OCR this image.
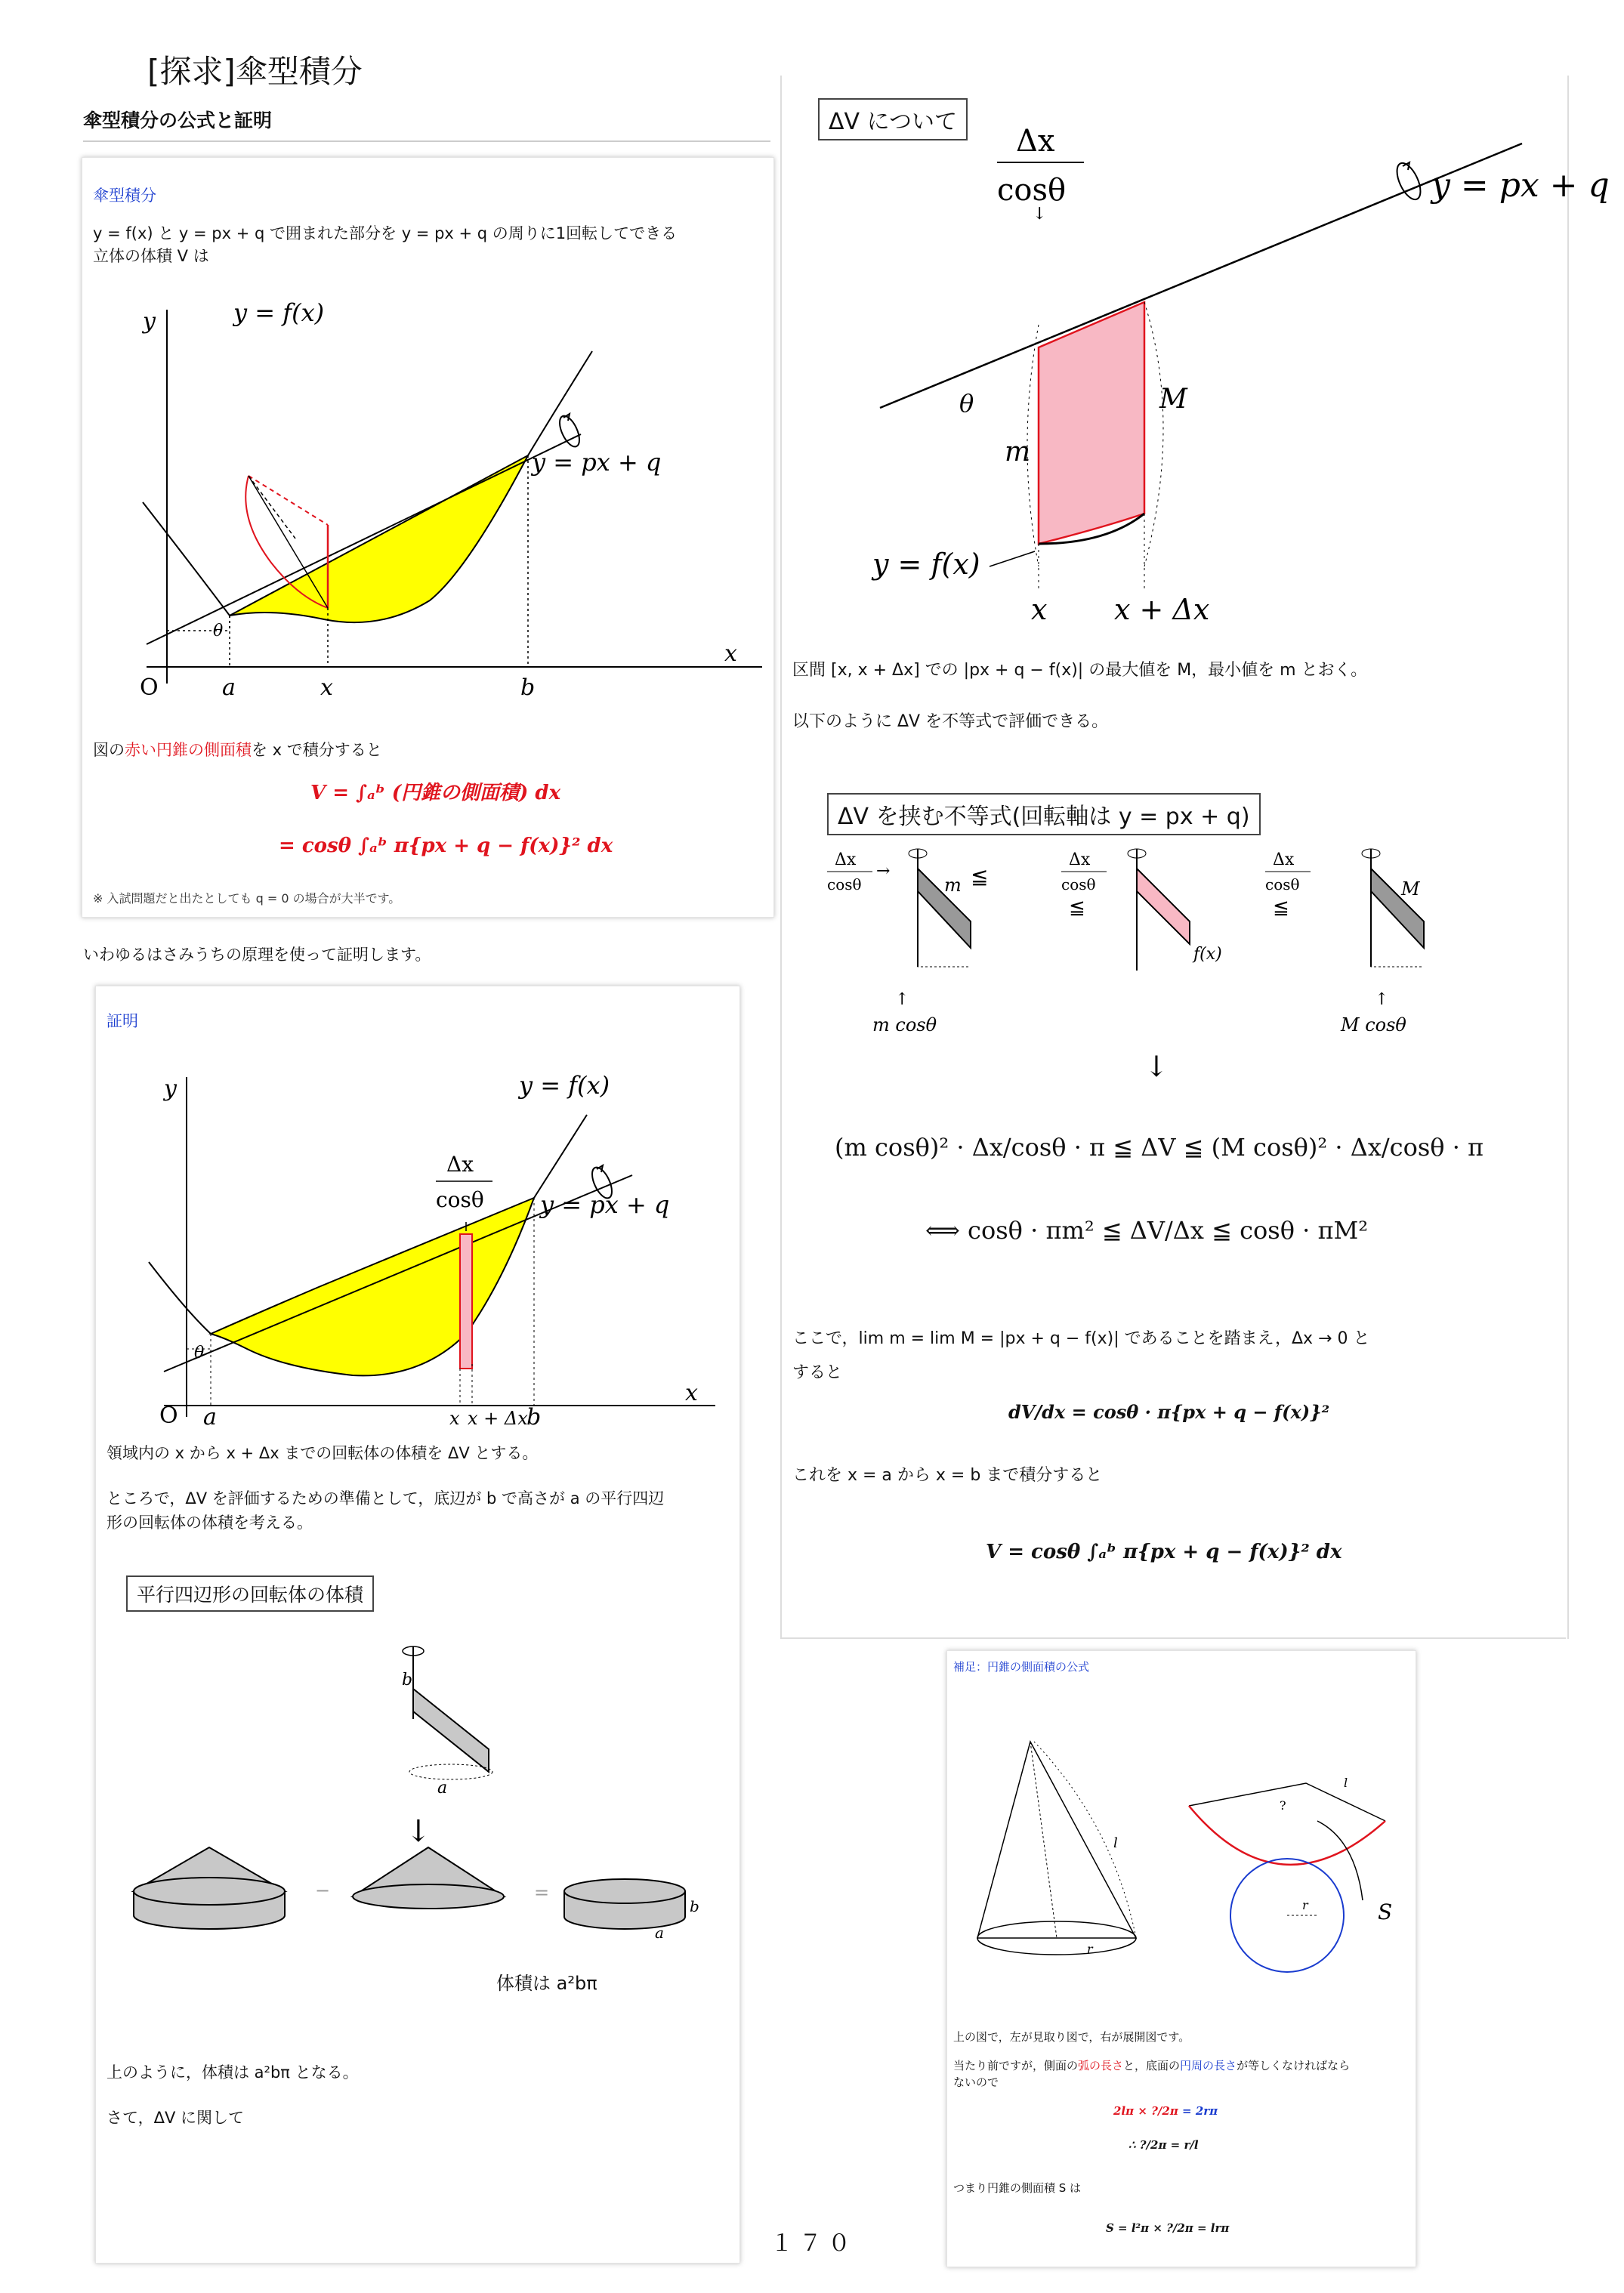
[探求]傘型積分
傘型積分の公式と証明
傘型積分
y = f(x) と y = px + q で囲まれた部分を y = px + q の周りに1回転してできる
立体の体積 V は
y
x
O
y = f(x)
y = px + q
θ
a	x	b
図の赤い円錐の側面積を x で積分すると
V = ∫ₐᵇ (円錐の側面積) dx
= cosθ ∫ₐᵇ π{px + q − f(x)}² dx
※ 入試問題だと出たとしても q = 0 の場合が大半です。
いわゆるはさみうちの原理を使って証明します。
証明
y
x
O
y = f(x)
y = px + q
Δx
cosθ
θ
a	x x + Δx
b
領域内の x から x + Δx までの回転体の体積を ΔV とする。
ところで，ΔV を評価するための準備として，底辺が b で高さが a の平行四辺
形の回転体の体積を考える。
平行四辺形の回転体の体積
b
a
↓
−	=
b
a
体積は a²bπ
上のように，体積は a²bπ となる。
さて，ΔV に関して
ΔV について
Δx
cosθ
↓
y = px + q
θ	M
m
y = f(x)
x x + Δx
区間 [x, x + Δx] での |px + q − f(x)| の最大値を M，最小値を m とおく。
以下のように ΔV を不等式で評価できる。
ΔV を挟む不等式(回転軸は y = px + q)
Δx
cosθ
→
m
↑
m cosθ
≦
Δx
cosθ
≦
f(x)
Δx
cosθ
≦
M
↑
M cosθ
↓
(m cosθ)² · Δx/cosθ · π ≦ ΔV ≦ (M cosθ)² · Δx/cosθ · π
⟺ cosθ · πm² ≦ ΔV/Δx ≦ cosθ · πM²
ここで，lim m = lim M = |px + q − f(x)| であることを踏まえ，Δx → 0 と
すると
dV/dx = cosθ · π{px + q − f(x)}²
これを x = a から x = b まで積分すると
V = cosθ ∫ₐᵇ π{px + q − f(x)}² dx
補足：円錐の側面積の公式
l
r
?
l
r	S
上の図で，左が見取り図で，右が展開図です。
当たり前ですが，側面の弧の長さと，底面の円周の長さが等しくなければなら
ないので
2lπ × ?/2π = 2rπ
∴ ?/2π = r/l
つまり円錐の側面積 S は
S = l²π × ?/2π = lrπ
１７０
